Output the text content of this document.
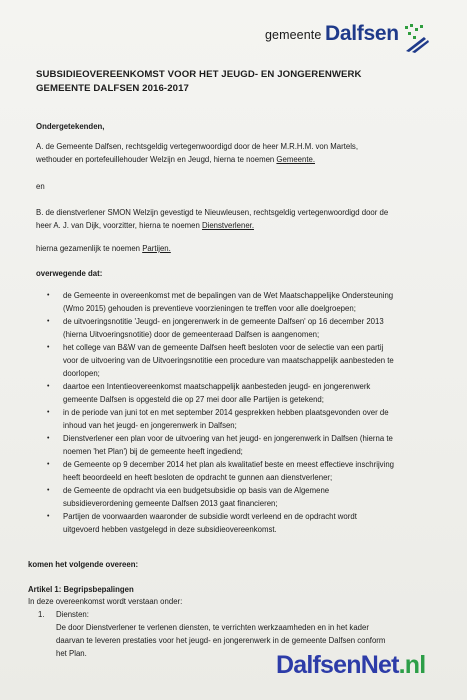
gemeente Dalfsen
SUBSIDIEOVEREENKOMST VOOR HET JEUGD- EN JONGERENWERK
GEMEENTE DALFSEN 2016-2017
Ondergetekenden,
A. de Gemeente Dalfsen, rechtsgeldig vertegenwoordigd door de heer M.R.H.M. von Martels,
wethouder en portefeuillehouder Welzijn en Jeugd, hierna te noemen Gemeente.
en
B. de dienstverlener SMON Welzijn gevestigd te Nieuwleusen, rechtsgeldig vertegenwoordigd door de
heer A. J. van Dijk, voorzitter, hierna te noemen Dienstverlener.
hierna gezamenlijk te noemen Partijen.
overwegende dat:
• de Gemeente in overeenkomst met de bepalingen van de Wet Maatschappelijke Ondersteuning
(Wmo 2015) gehouden is preventieve voorzieningen te treffen voor alle doelgroepen;
• de uitvoeringsnotitie 'Jeugd- en jongerenwerk in de gemeente Dalfsen' op 16 december 2013
(hierna Uitvoeringsnotitie) door de gemeenteraad Dalfsen is aangenomen;
• het college van B&W van de gemeente Dalfsen heeft besloten voor de selectie van een partij
voor de uitvoering van de Uitvoeringsnotitie een procedure van maatschappelijk aanbesteden te
doorlopen;
• daartoe een Intentieovereenkomst maatschappelijk aanbesteden jeugd- en jongerenwerk
gemeente Dalfsen is opgesteld die op 27 mei door alle Partijen is getekend;
• in de periode van juni tot en met september 2014 gesprekken hebben plaatsgevonden over de
inhoud van het jeugd- en jongerenwerk in Dalfsen;
• Dienstverlener een plan voor de uitvoering van het jeugd- en jongerenwerk in Dalfsen (hierna te
noemen 'het Plan') bij de gemeente heeft ingediend;
• de Gemeente op 9 december 2014 het plan als kwalitatief beste en meest effectieve inschrijving
heeft beoordeeld en heeft besloten de opdracht te gunnen aan dienstverlener;
• de Gemeente de opdracht via een budgetsubsidie op basis van de Algemene
subsidieverordening gemeente Dalfsen 2013 gaat financieren;
• Partijen de voorwaarden waaronder de subsidie wordt verleend en de opdracht wordt
uitgevoerd hebben vastgelegd in deze subsidieovereenkomst.
komen het volgende overeen:
Artikel 1: Begripsbepalingen
In deze overeenkomst wordt verstaan onder:
1. Diensten:
De door Dienstverlener te verlenen diensten, te verrichten werkzaamheden en in het kader
daarvan te leveren prestaties voor het jeugd- en jongerenwerk in de gemeente Dalfsen conform
het Plan.	DalfsenNet.nl
